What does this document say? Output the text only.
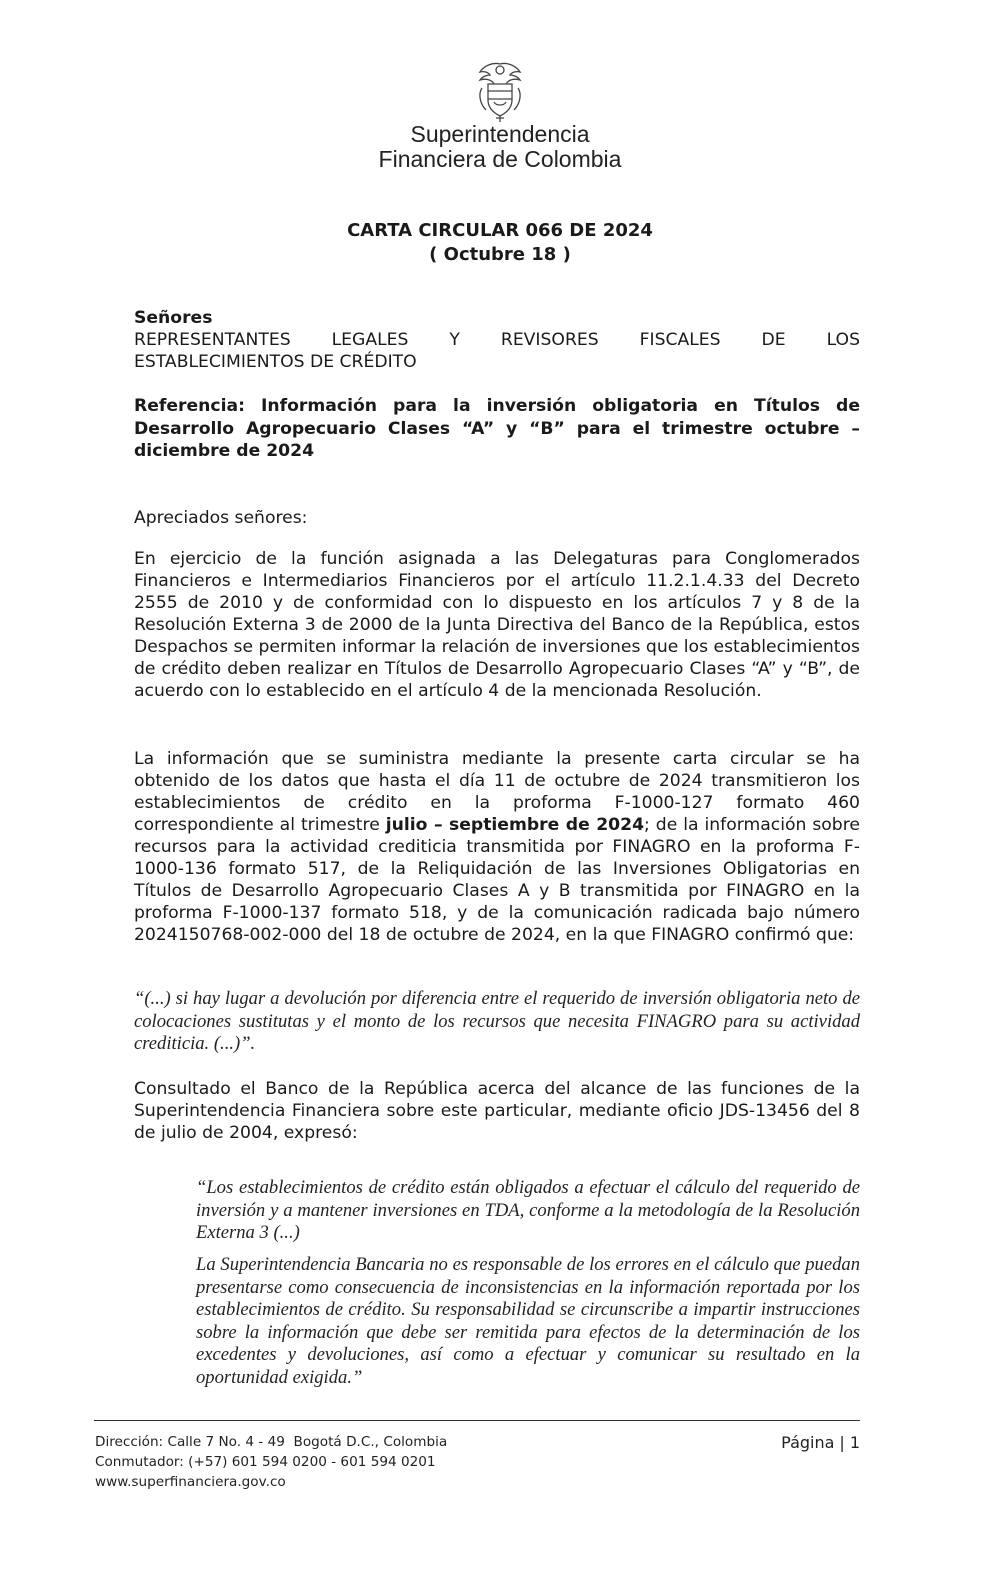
Superintendencia
Financiera de Colombia
CARTA CIRCULAR 066 DE 2024
( Octubre 18 )
Señores
REPRESENTANTES LEGALES Y REVISORES FISCALES DE LOS
ESTABLECIMIENTOS DE CRÉDITO
Referencia: Información para la inversión obligatoria en Títulos de Desarrollo Agropecuario Clases “A” y “B” para el trimestre octubre – diciembre de 2024
Apreciados señores:
En ejercicio de la función asignada a las Delegaturas para Conglomerados Financieros e Intermediarios Financieros por el artículo 11.2.1.4.33 del Decreto 2555 de 2010 y de conformidad con lo dispuesto en los artículos 7 y 8 de la Resolución Externa 3 de 2000 de la Junta Directiva del Banco de la República, estos Despachos se permiten informar la relación de inversiones que los establecimientos de crédito deben realizar en Títulos de Desarrollo Agropecuario Clases “A” y “B”, de acuerdo con lo establecido en el artículo 4 de la mencionada Resolución.
La información que se suministra mediante la presente carta circular se ha obtenido de los datos que hasta el día 11 de octubre de 2024 transmitieron los establecimientos de crédito en la proforma F-1000-127 formato 460 correspondiente al trimestre julio – septiembre de 2024; de la información sobre recursos para la actividad crediticia transmitida por FINAGRO en la proforma F-1000-136 formato 517, de la Reliquidación de las Inversiones Obligatorias en Títulos de Desarrollo Agropecuario Clases A y B transmitida por FINAGRO en la proforma F-1000-137 formato 518, y de la comunicación radicada bajo número 2024150768-002-000 del 18 de octubre de 2024, en la que FINAGRO confirmó que:
“(...) si hay lugar a devolución por diferencia entre el requerido de inversión obligatoria neto de colocaciones sustitutas y el monto de los recursos que necesita FINAGRO para su actividad crediticia. (...)”.
Consultado el Banco de la República acerca del alcance de las funciones de la Superintendencia Financiera sobre este particular, mediante oficio JDS-13456 del 8 de julio de 2004, expresó:
“Los establecimientos de crédito están obligados a efectuar el cálculo del requerido de inversión y a mantener inversiones en TDA, conforme a la metodología de la Resolución Externa 3 (...)
La Superintendencia Bancaria no es responsable de los errores en el cálculo que puedan presentarse como consecuencia de inconsistencias en la información reportada por los establecimientos de crédito. Su responsabilidad se circunscribe a impartir instrucciones sobre la información que debe ser remitida para efectos de la determinación de los excedentes y devoluciones, así como a efectuar y comunicar su resultado en la oportunidad exigida.”
Dirección: Calle 7 No. 4 - 49  Bogotá D.C., Colombia
Conmutador: (+57) 601 594 0200 - 601 594 0201
www.superfinanciera.gov.co
Página | 1
